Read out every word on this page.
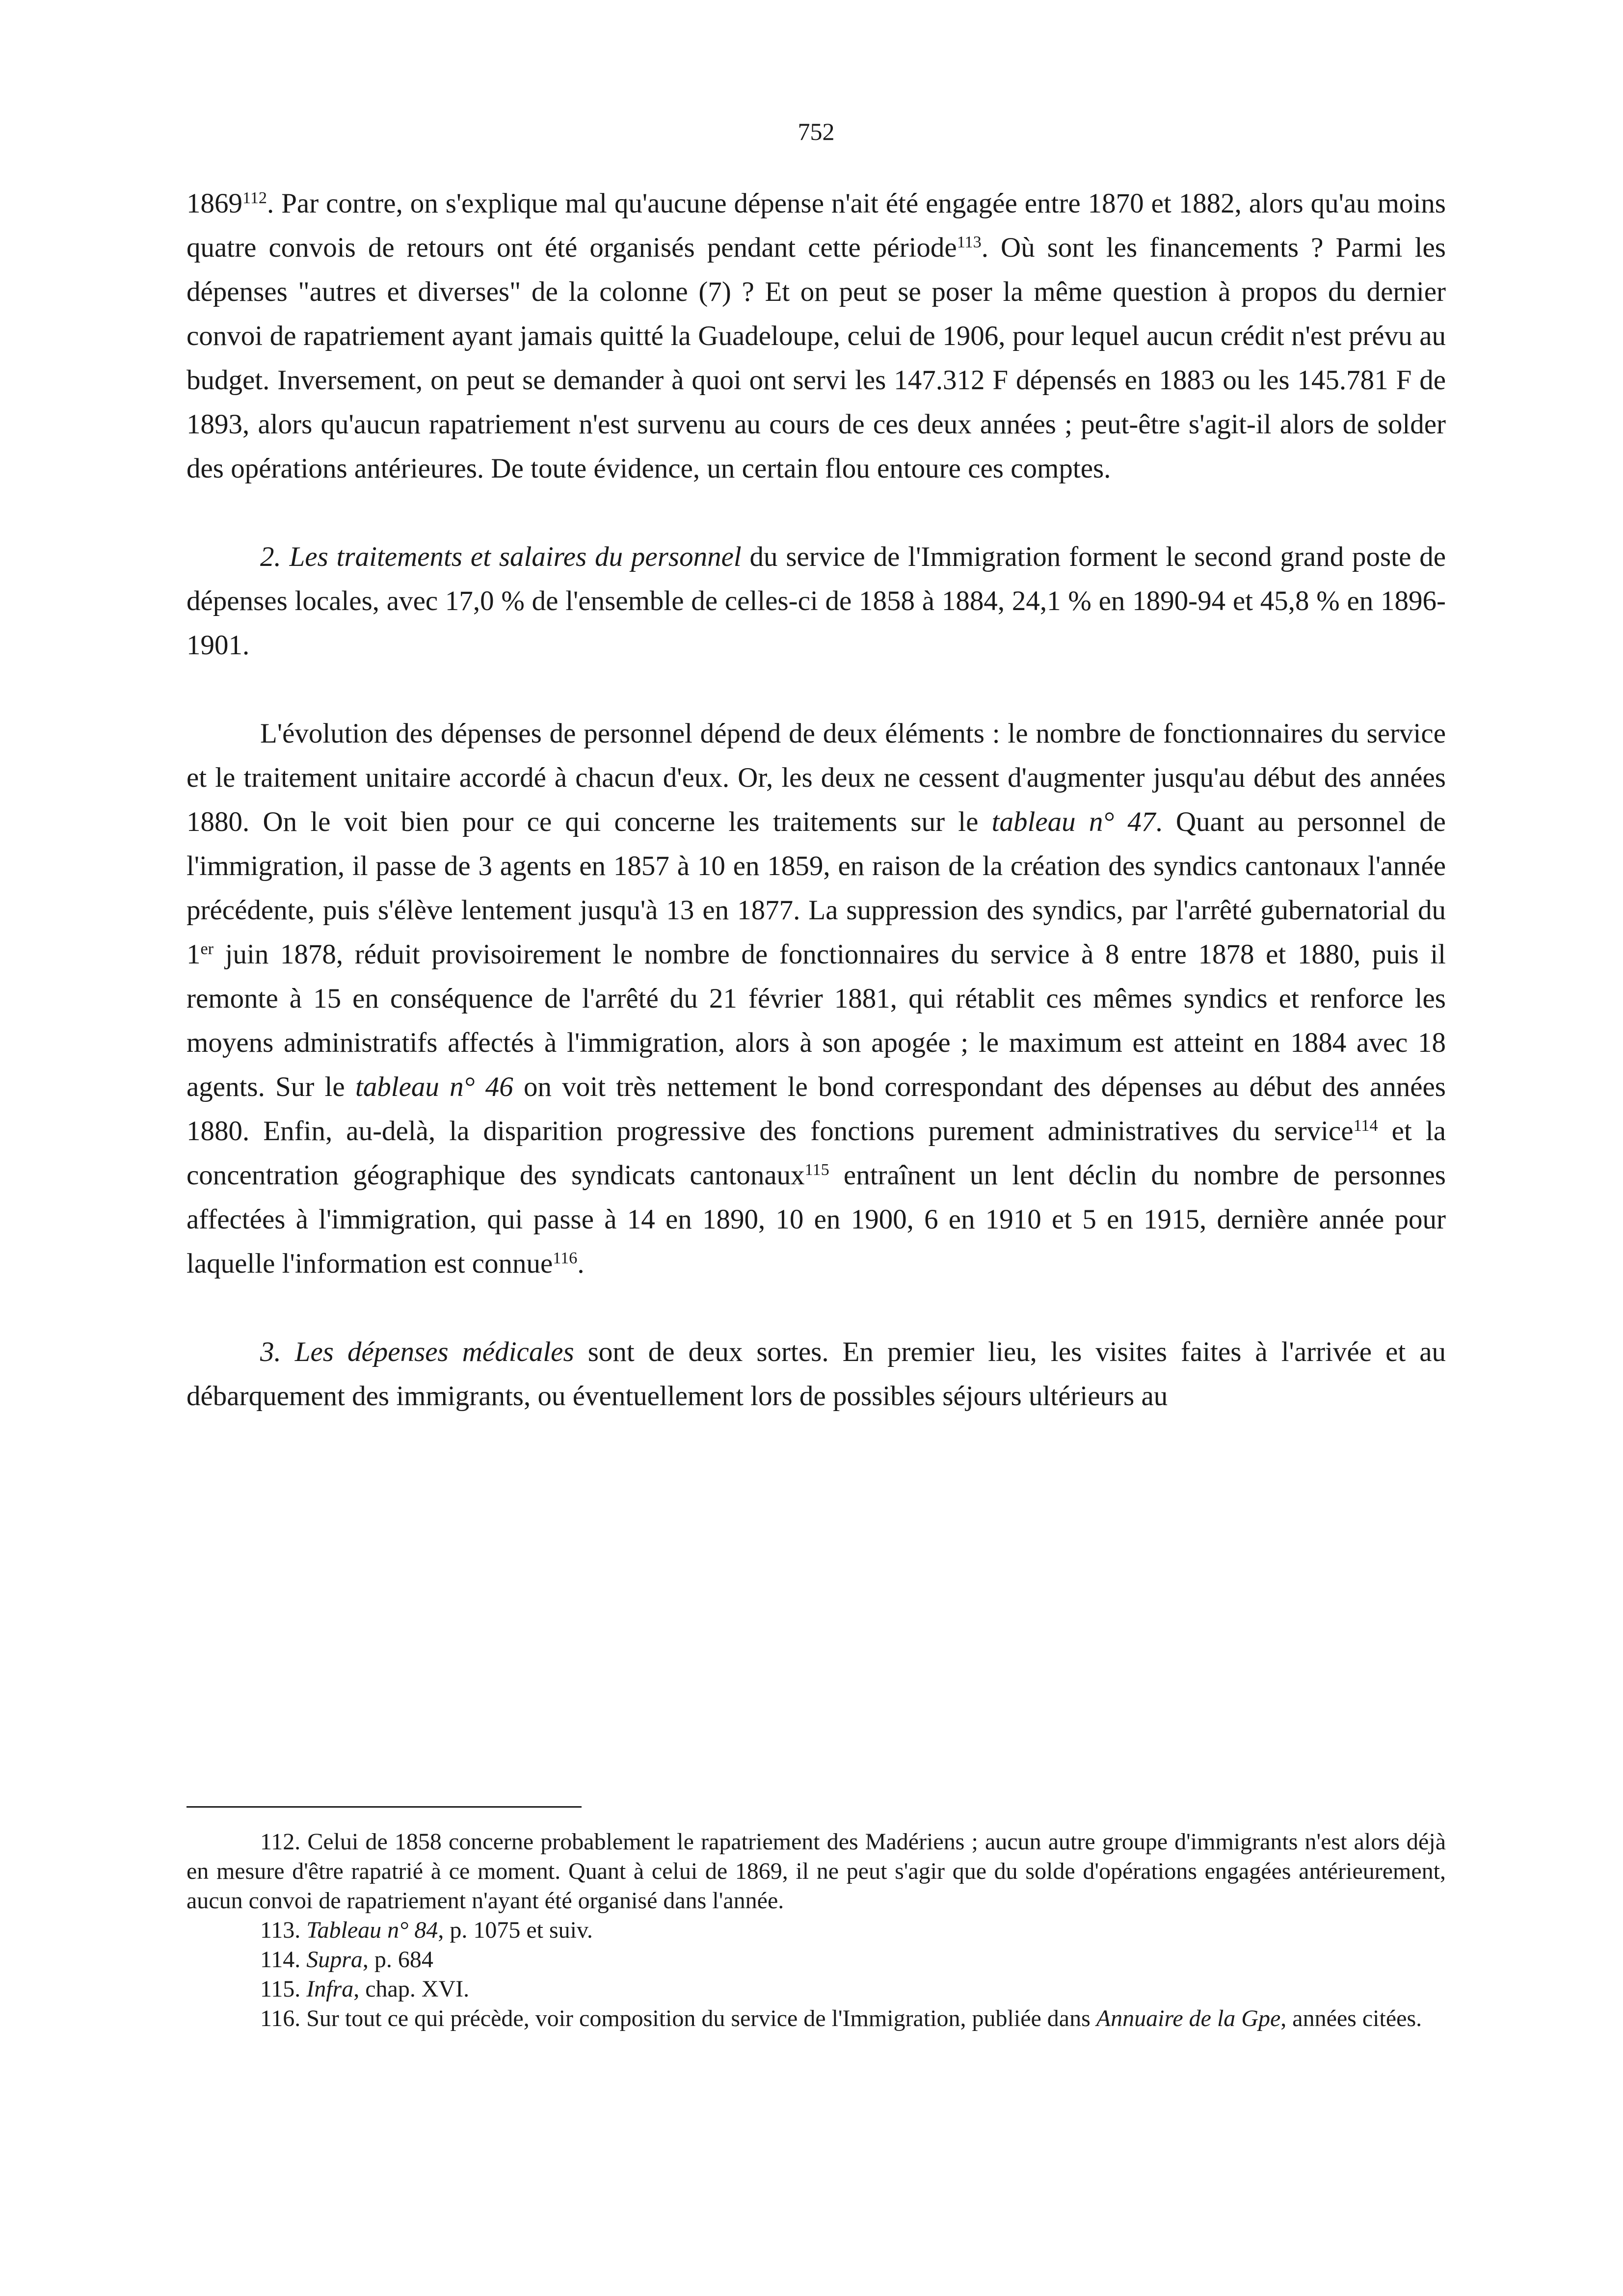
752

1869$^{112}$. Par contre, on s'explique mal qu'aucune dépense n'ait été engagée entre 1870 et 1882, alors qu'au moins quatre convois de retours ont été organisés pendant cette période$^{113}$. Où sont les financements ? Parmi les dépenses "autres et diverses" de la colonne (7) ? Et on peut se poser la même question à propos du dernier convoi de rapatriement ayant jamais quitté la Guadeloupe, celui de 1906, pour lequel aucun crédit n'est prévu au budget. Inversement, on peut se demander à quoi ont servi les 147.312 F dépensés en 1883 ou les 145.781 F de 1893, alors qu'aucun rapatriement n'est survenu au cours de ces deux années ; peut-être s'agit-il alors de solder des opérations antérieures. De toute évidence, un certain flou entoure ces comptes.

2. Les traitements et salaires du personnel du service de l'Immigration forment le second grand poste de dépenses locales, avec 17,0 % de l'ensemble de celles-ci de 1858 à 1884, 24,1 % en 1890-94 et 45,8 % en 1896-1901.

L'évolution des dépenses de personnel dépend de deux éléments : le nombre de fonctionnaires du service et le traitement unitaire accordé à chacun d'eux. Or, les deux ne cessent d'augmenter jusqu'au début des années 1880. On le voit bien pour ce qui concerne les traitements sur le tableau n° 47. Quant au personnel de l'immigration, il passe de 3 agents en 1857 à 10 en 1859, en raison de la création des syndics cantonaux l'année précédente, puis s'élève lentement jusqu'à 13 en 1877. La suppression des syndics, par l'arrêté gubernatorial du 1er juin 1878, réduit provisoirement le nombre de fonctionnaires du service à 8 entre 1878 et 1880, puis il remonte à 15 en conséquence de l'arrêté du 21 février 1881, qui rétablit ces mêmes syndics et renforce les moyens administratifs affectés à l'immigration, alors à son apogée ; le maximum est atteint en 1884 avec 18 agents. Sur le tableau n° 46 on voit très nettement le bond correspondant des dépenses au début des années 1880. Enfin, au-delà, la disparition progressive des fonctions purement administratives du service$^{114}$ et la concentration géographique des syndicats cantonaux$^{115}$ entraînent un lent déclin du nombre de personnes affectées à l'immigration, qui passe à 14 en 1890, 10 en 1900, 6 en 1910 et 5 en 1915, dernière année pour laquelle l'information est connue$^{116}$.

3. Les dépenses médicales sont de deux sortes. En premier lieu, les visites faites à l'arrivée et au débarquement des immigrants, ou éventuellement lors de possibles séjours ultérieurs au

112. Celui de 1858 concerne probablement le rapatriement des Madériens ; aucun autre groupe d'immigrants n'est alors déjà en mesure d'être rapatrié à ce moment. Quant à celui de 1869, il ne peut s'agir que du solde d'opérations engagées antérieurement, aucun convoi de rapatriement n'ayant été organisé dans l'année.

113. Tableau n° 84, p. 1075 et suiv.

114. Supra, p. 684

115. Infra, chap. XVI.

116. Sur tout ce qui précède, voir composition du service de l'Immigration, publiée dans Annuaire de la Gpe, années citées.
